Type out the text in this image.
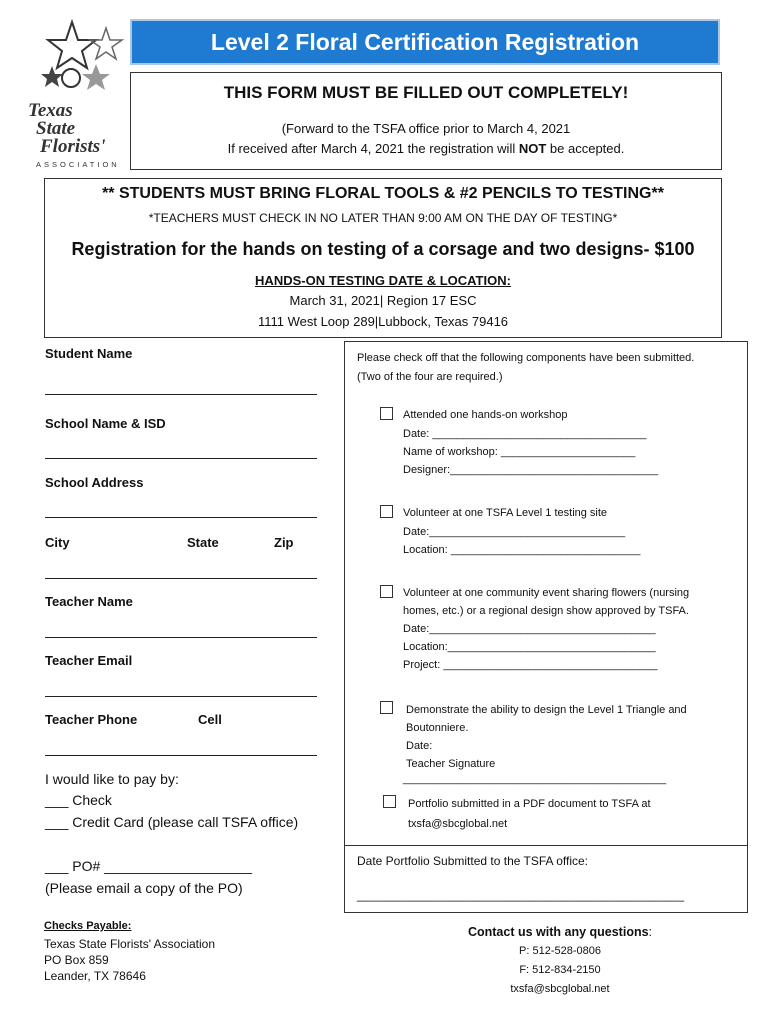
Texas
State
Florists'
ASSOCIATION
Level 2 Floral Certification Registration
THIS FORM MUST BE FILLED OUT COMPLETELY!
(Forward to the TSFA office prior to March 4, 2021
If received after March 4, 2021 the registration will NOT be accepted.
** STUDENTS MUST BRING FLORAL TOOLS & #2 PENCILS TO TESTING**
*TEACHERS MUST CHECK IN NO LATER THAN 9:00 AM ON THE DAY OF TESTING*
Registration for the hands on testing of a corsage and two designs- $100
HANDS-ON TESTING DATE & LOCATION:
March 31, 2021| Region 17 ESC
1111 West Loop 289|Lubbock, Texas 79416
Student Name
School Name & ISD
School Address
City	State	Zip
Teacher Name
Teacher Email
Teacher Phone	Cell
I would like to pay by:
___ Check
___ Credit Card (please call TSFA office)
___ PO# ___________________
(Please email a copy of the PO)
Please check off that the following components have been submitted.
(Two of the four are required.)
Attended one hands-on workshop
Date: ___________________________________
Name of workshop: ______________________
Designer:__________________________________
Volunteer at one TSFA Level 1 testing site
Date:________________________________
Location: _______________________________
Volunteer at one community event sharing flowers (nursing
homes, etc.) or a regional design show approved by TSFA.
Date:_____________________________________
Location:__________________________________
Project: ___________________________________
Demonstrate the ability to design the Level 1 Triangle and
Boutonniere.
Date:
Teacher Signature
___________________________________________
Portfolio submitted in a PDF document to TSFA at
txsfa@sbcglobal.net
Date Portfolio Submitted to the TSFA office:
_________________________________________________
Checks Payable:
Texas State Florists' Association
PO Box 859
Leander, TX 78646
Contact us with any questions:
P: 512-528-0806
F: 512-834-2150
txsfa@sbcglobal.net
